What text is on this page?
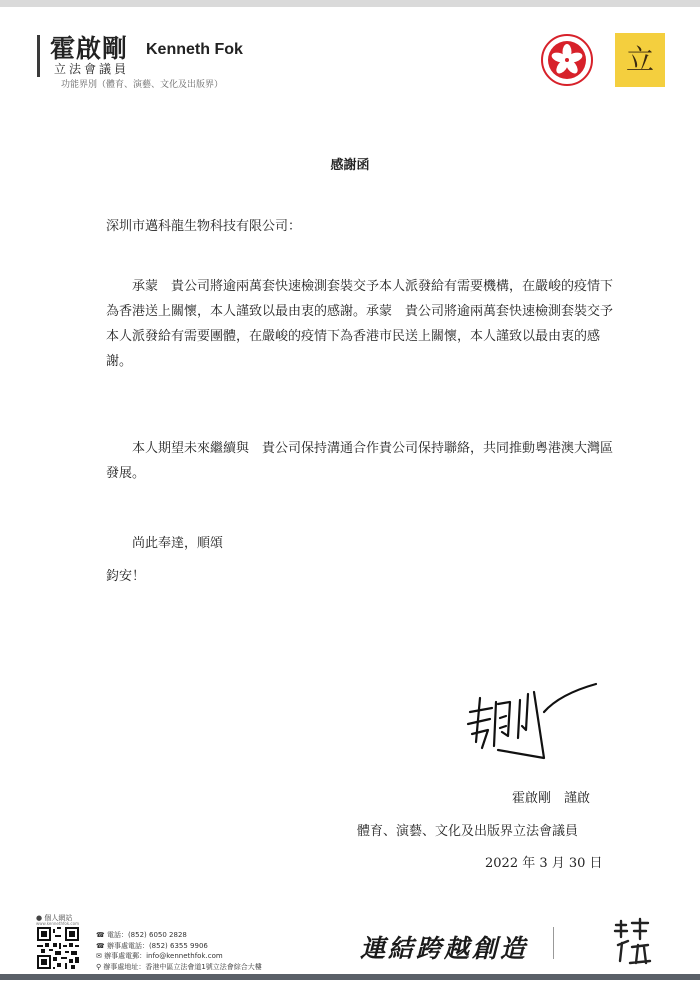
霍啟剛 Kenneth Fok
立法會議員
功能界別（體育、演藝、文化及出版界）
立
感謝函
深圳市邁科龍生物科技有限公司：
承蒙　貴公司將逾兩萬套快速檢測套裝交予本人派發給有需要機構，在嚴峻的疫情下為香港送上關懷，本人謹致以最由衷的感謝。承蒙　貴公司將逾兩萬套快速檢測套裝交予本人派發給有需要團體，在嚴峻的疫情下為香港市民送上關懷，本人謹致以最由衷的感謝。
本人期望未來繼續與　貴公司保持溝通合作貴公司保持聯絡，共同推動粵港澳大灣區發展。
尚此奉達，順頌
鈞安！
霍啟剛　謹啟
體育、演藝、文化及出版界立法會議員
2022 年 3 月 30 日
● 個人網站
www.kennethfok.com
☎ 電話：(852) 6050 2828
☎ 辦事處電話：(852) 6355 9906
✉ 辦事處電郵：info@kennethfok.com
⚲ 辦事處地址：香港中區立法會道1號立法會綜合大樓
連結跨越創造
